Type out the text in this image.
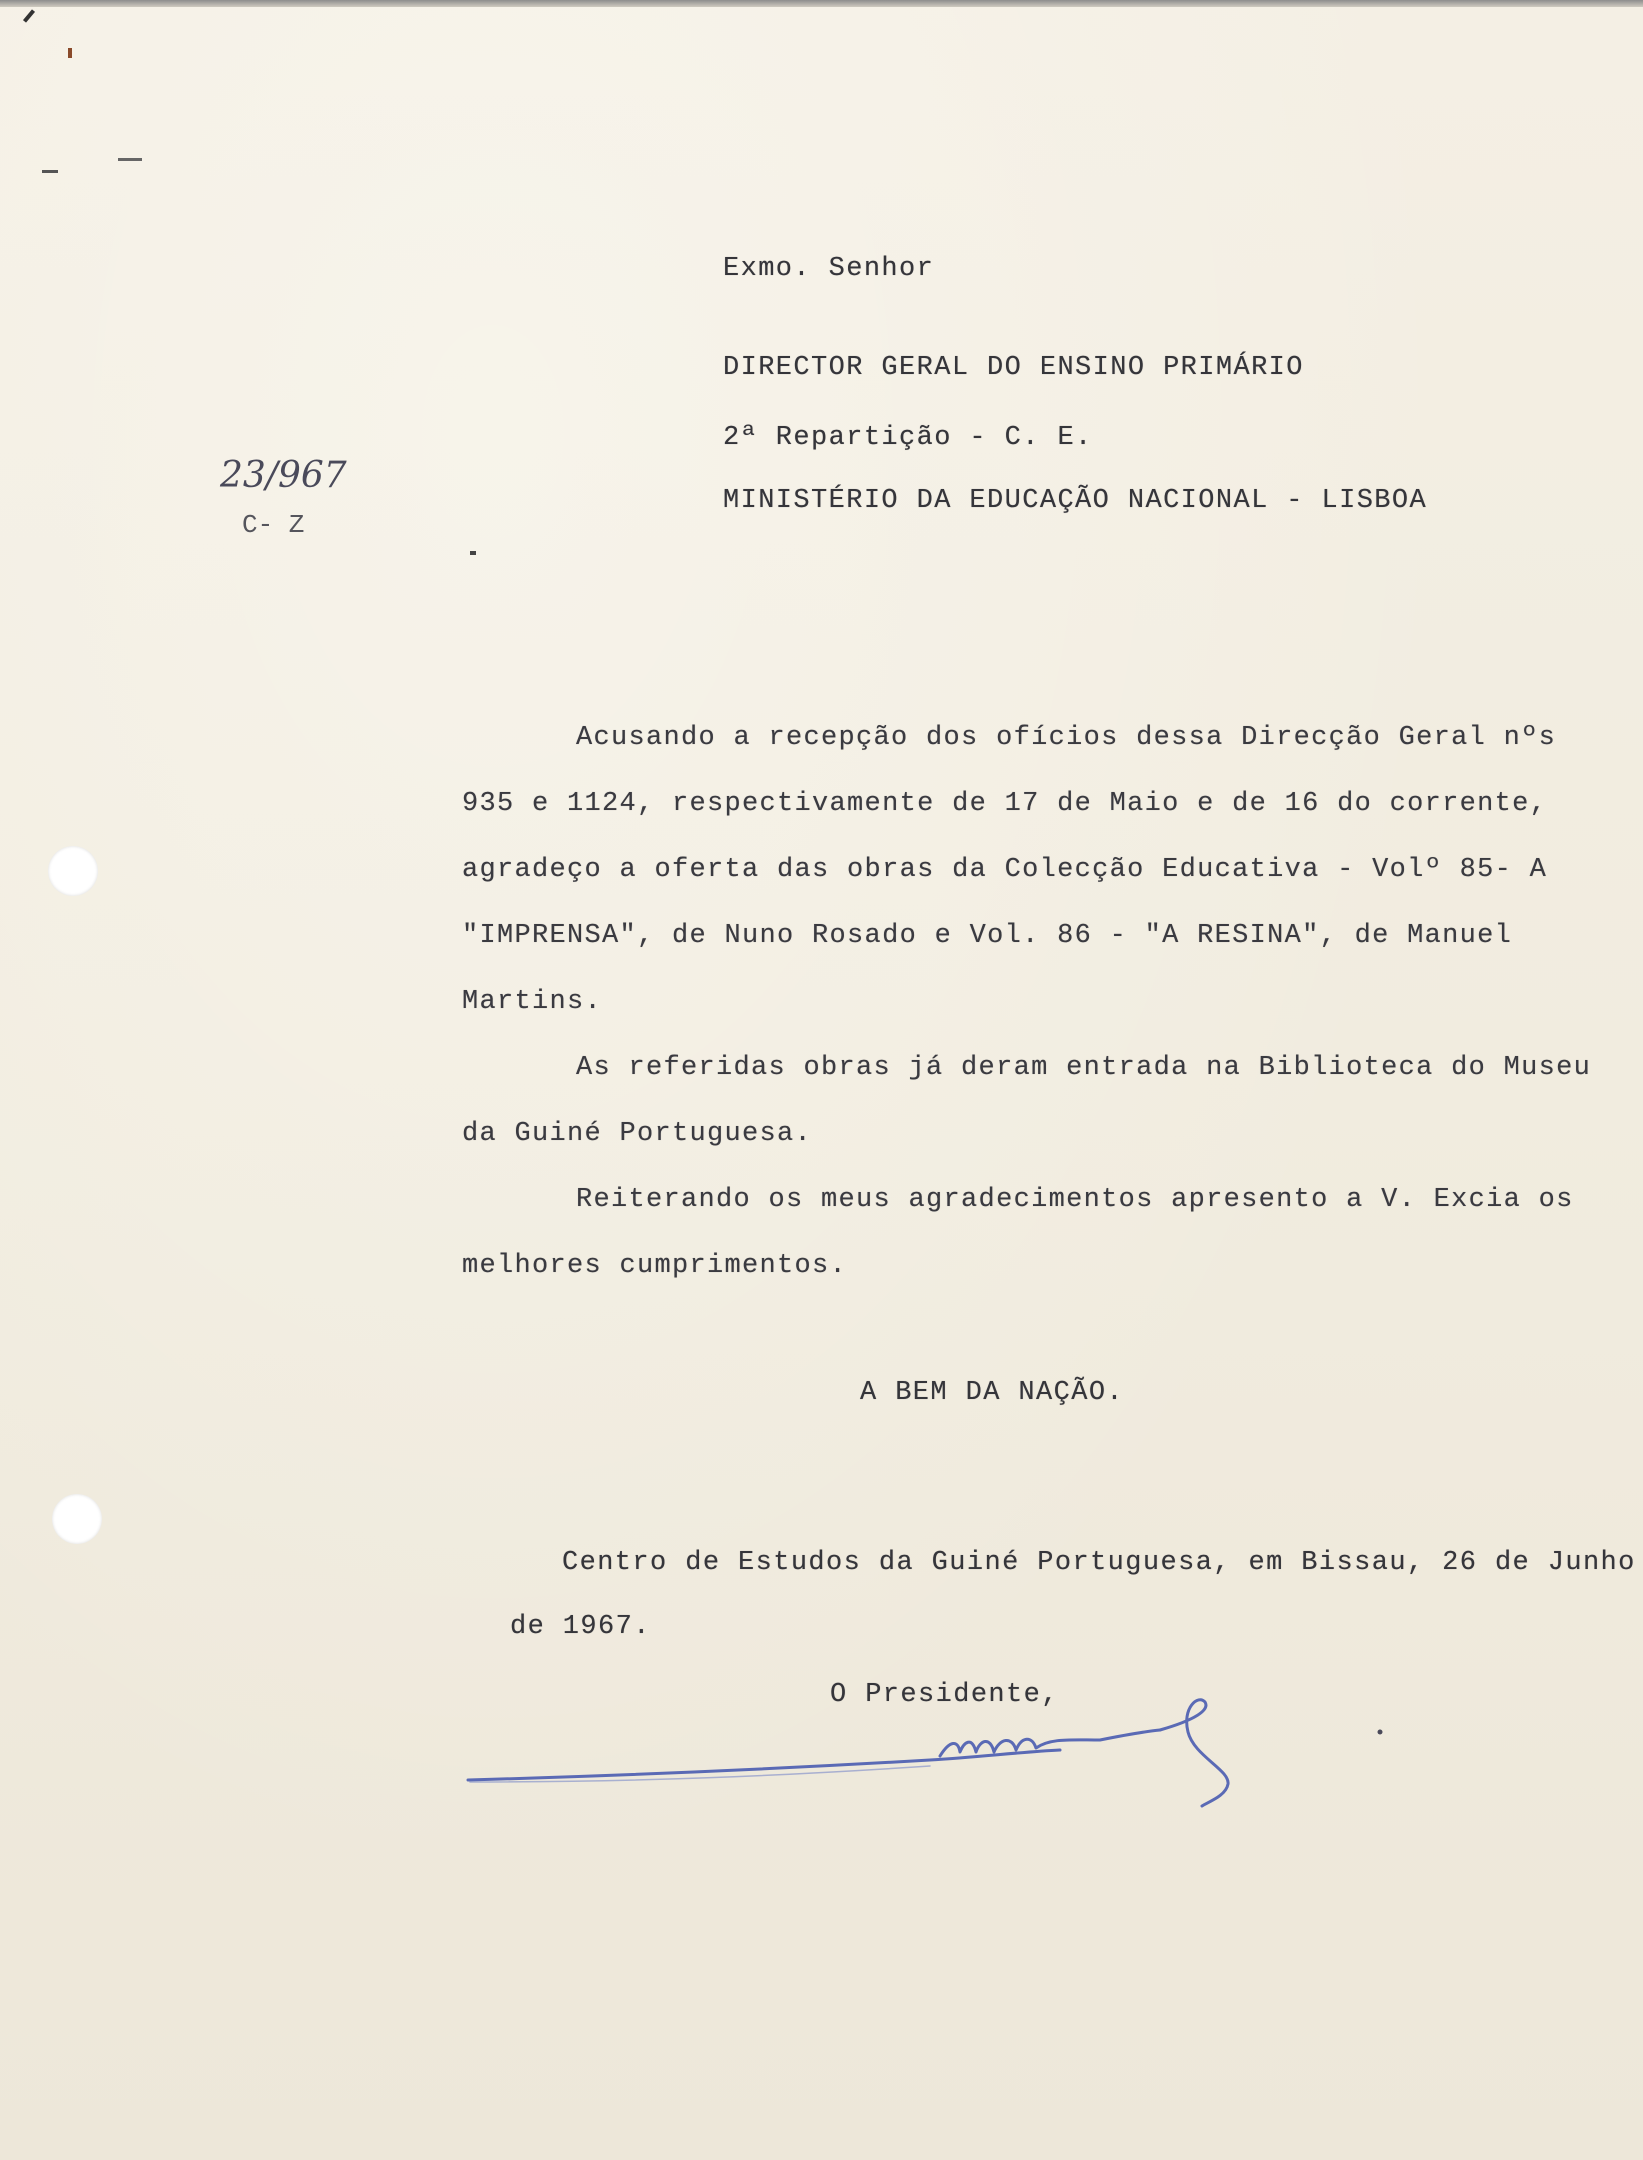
Exmo. Senhor
DIRECTOR GERAL DO ENSINO PRIMÁRIO
2ª Repartição - C. E.
MINISTÉRIO DA EDUCAÇÃO NACIONAL - LISBOA
23/967
C- Z

Acusando a recepção dos ofícios dessa Direcção Geral nºs 935 e 1124, respectivamente de 17 de Maio e de 16 do corrente, agradeço a oferta das obras da Colecção Educativa - Volº 85- A "IMPRENSA", de Nuno Rosado e Vol. 86 - "A RESINA", de Manuel Martins.

As referidas obras já deram entrada na Biblioteca do Museu da Guiné Portuguesa.

Reiterando os meus agradecimentos apresento a V. Excia os melhores cumprimentos.

A BEM DA NAÇÃO.
Centro de Estudos da Guiné Portuguesa, em Bissau, 26 de Junho
de 1967.
O Presidente,
